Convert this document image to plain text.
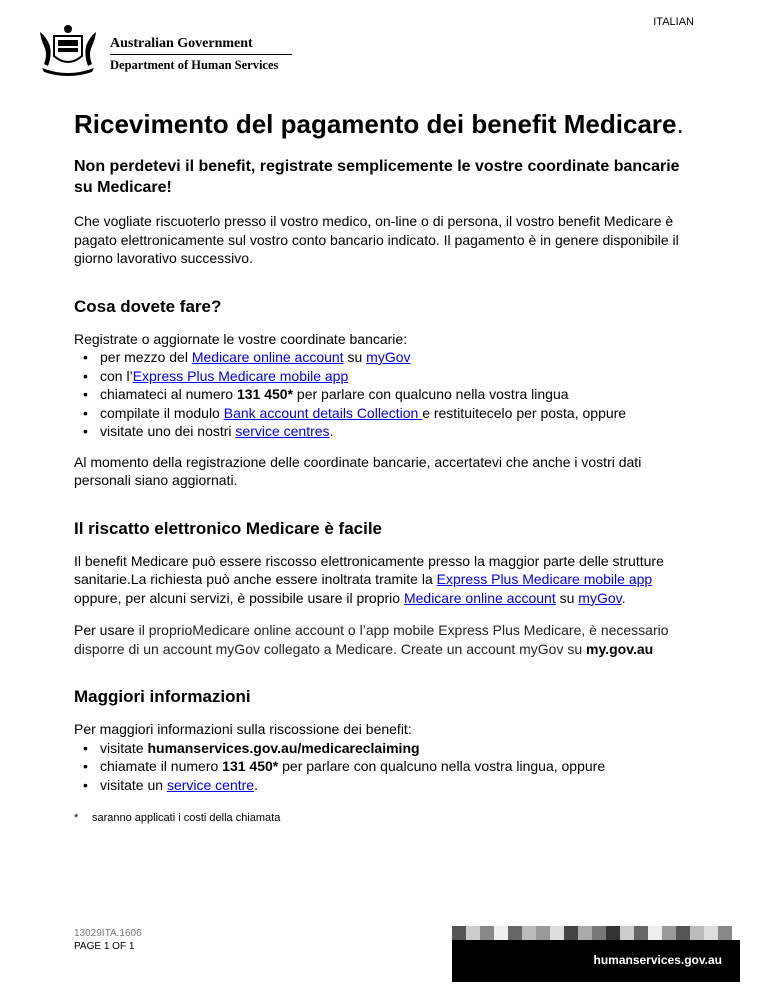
ITALIAN
Australian Government
Department of Human Services
Ricevimento del pagamento dei benefit Medicare.
Non perdetevi il benefit, registrate semplicemente le vostre coordinate bancarie su Medicare!

Che vogliate riscuoterlo presso il vostro medico, on-line o di persona, il vostro benefit Medicare è pagato elettronicamente sul vostro conto bancario indicato. Il pagamento è in genere disponibile il giorno lavorativo successivo.

Cosa dovete fare?

Registrate o aggiornate le vostre coordinate bancarie:

• per mezzo del Medicare online account su myGov
• con l’Express Plus Medicare mobile app
• chiamateci al numero 131 450* per parlare con qualcuno nella vostra lingua
• compilate il modulo Bank account details Collection e restituitecelo per posta, oppure
• visitate uno dei nostri service centres.

Al momento della registrazione delle coordinate bancarie, accertatevi che anche i vostri dati personali siano aggiornati.

Il riscatto elettronico Medicare è facile

Il benefit Medicare può essere riscosso elettronicamente presso la maggior parte delle strutture sanitarie.La richiesta può anche essere inoltrata tramite la Express Plus Medicare mobile app oppure, per alcuni servizi, è possibile usare il proprio Medicare online account su myGov.

Per usare il proprioMedicare online account o l’app mobile Express Plus Medicare, è necessario disporre di un account myGov collegato a Medicare. Create un account myGov su my.gov.au

Maggiori informazioni

Per maggiori informazioni sulla riscossione dei benefit:

• visitate humanservices.gov.au/medicareclaiming
• chiamate il numero 131 450* per parlare con qualcuno nella vostra lingua, oppure
• visitate un service centre.
*	saranno applicati i costi della chiamata
13029ITA.1606
PAGE 1 OF 1
humanservices.gov.au
